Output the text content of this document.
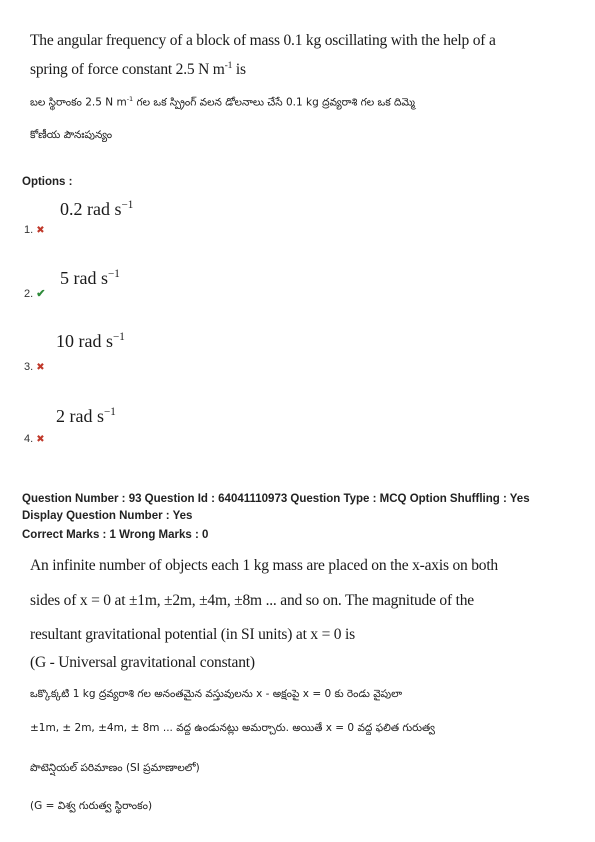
The angular frequency of a block of mass 0.1 kg oscillating with the help of a
spring of force constant 2.5 N $m^{-1}$ is
బల స్థిరాంకం 2.5 N $m^{-1}$ గల ఒక స్ప్రింగ్ వలన డోలనాలు చేసే 0.1 kg ద్రవ్యరాశి గల ఒక దిమ్మె
కోణీయ పౌనఃపున్యం
Options :
0.2 rad $s^{-1}$
1. ✖
5 rad $s^{-1}$
2. ✔
10 rad $s^{-1}$
3. ✖
2 rad $s^{-1}$
4. ✖
Question Number : 93 Question Id : 64041110973 Question Type : MCQ Option Shuffling : Yes
Display Question Number : Yes
Correct Marks : 1 Wrong Marks : 0
An infinite number of objects each 1 kg mass are placed on the x-axis on both
sides of x = 0 at ±1m, ±2m, ±4m, ±8m ... and so on. The magnitude of the
resultant gravitational potential (in SI units) at x = 0 is
(G - Universal gravitational constant)
ఒక్కొక్కటి 1 kg ద్రవ్యరాశి గల అనంతమైన వస్తువులను x - అక్షంపై x = 0 కు రెండు వైపులా
±1m, ± 2m, ±4m, ± 8m ... వద్ద ఉండునట్లు అమర్చారు. అయితే x = 0 వద్ద ఫలిత గురుత్వ
పొటెన్షియల్ పరిమాణం (SI ప్రమాణాలలో)
(G = విశ్వ గురుత్వ స్థిరాంకం)
